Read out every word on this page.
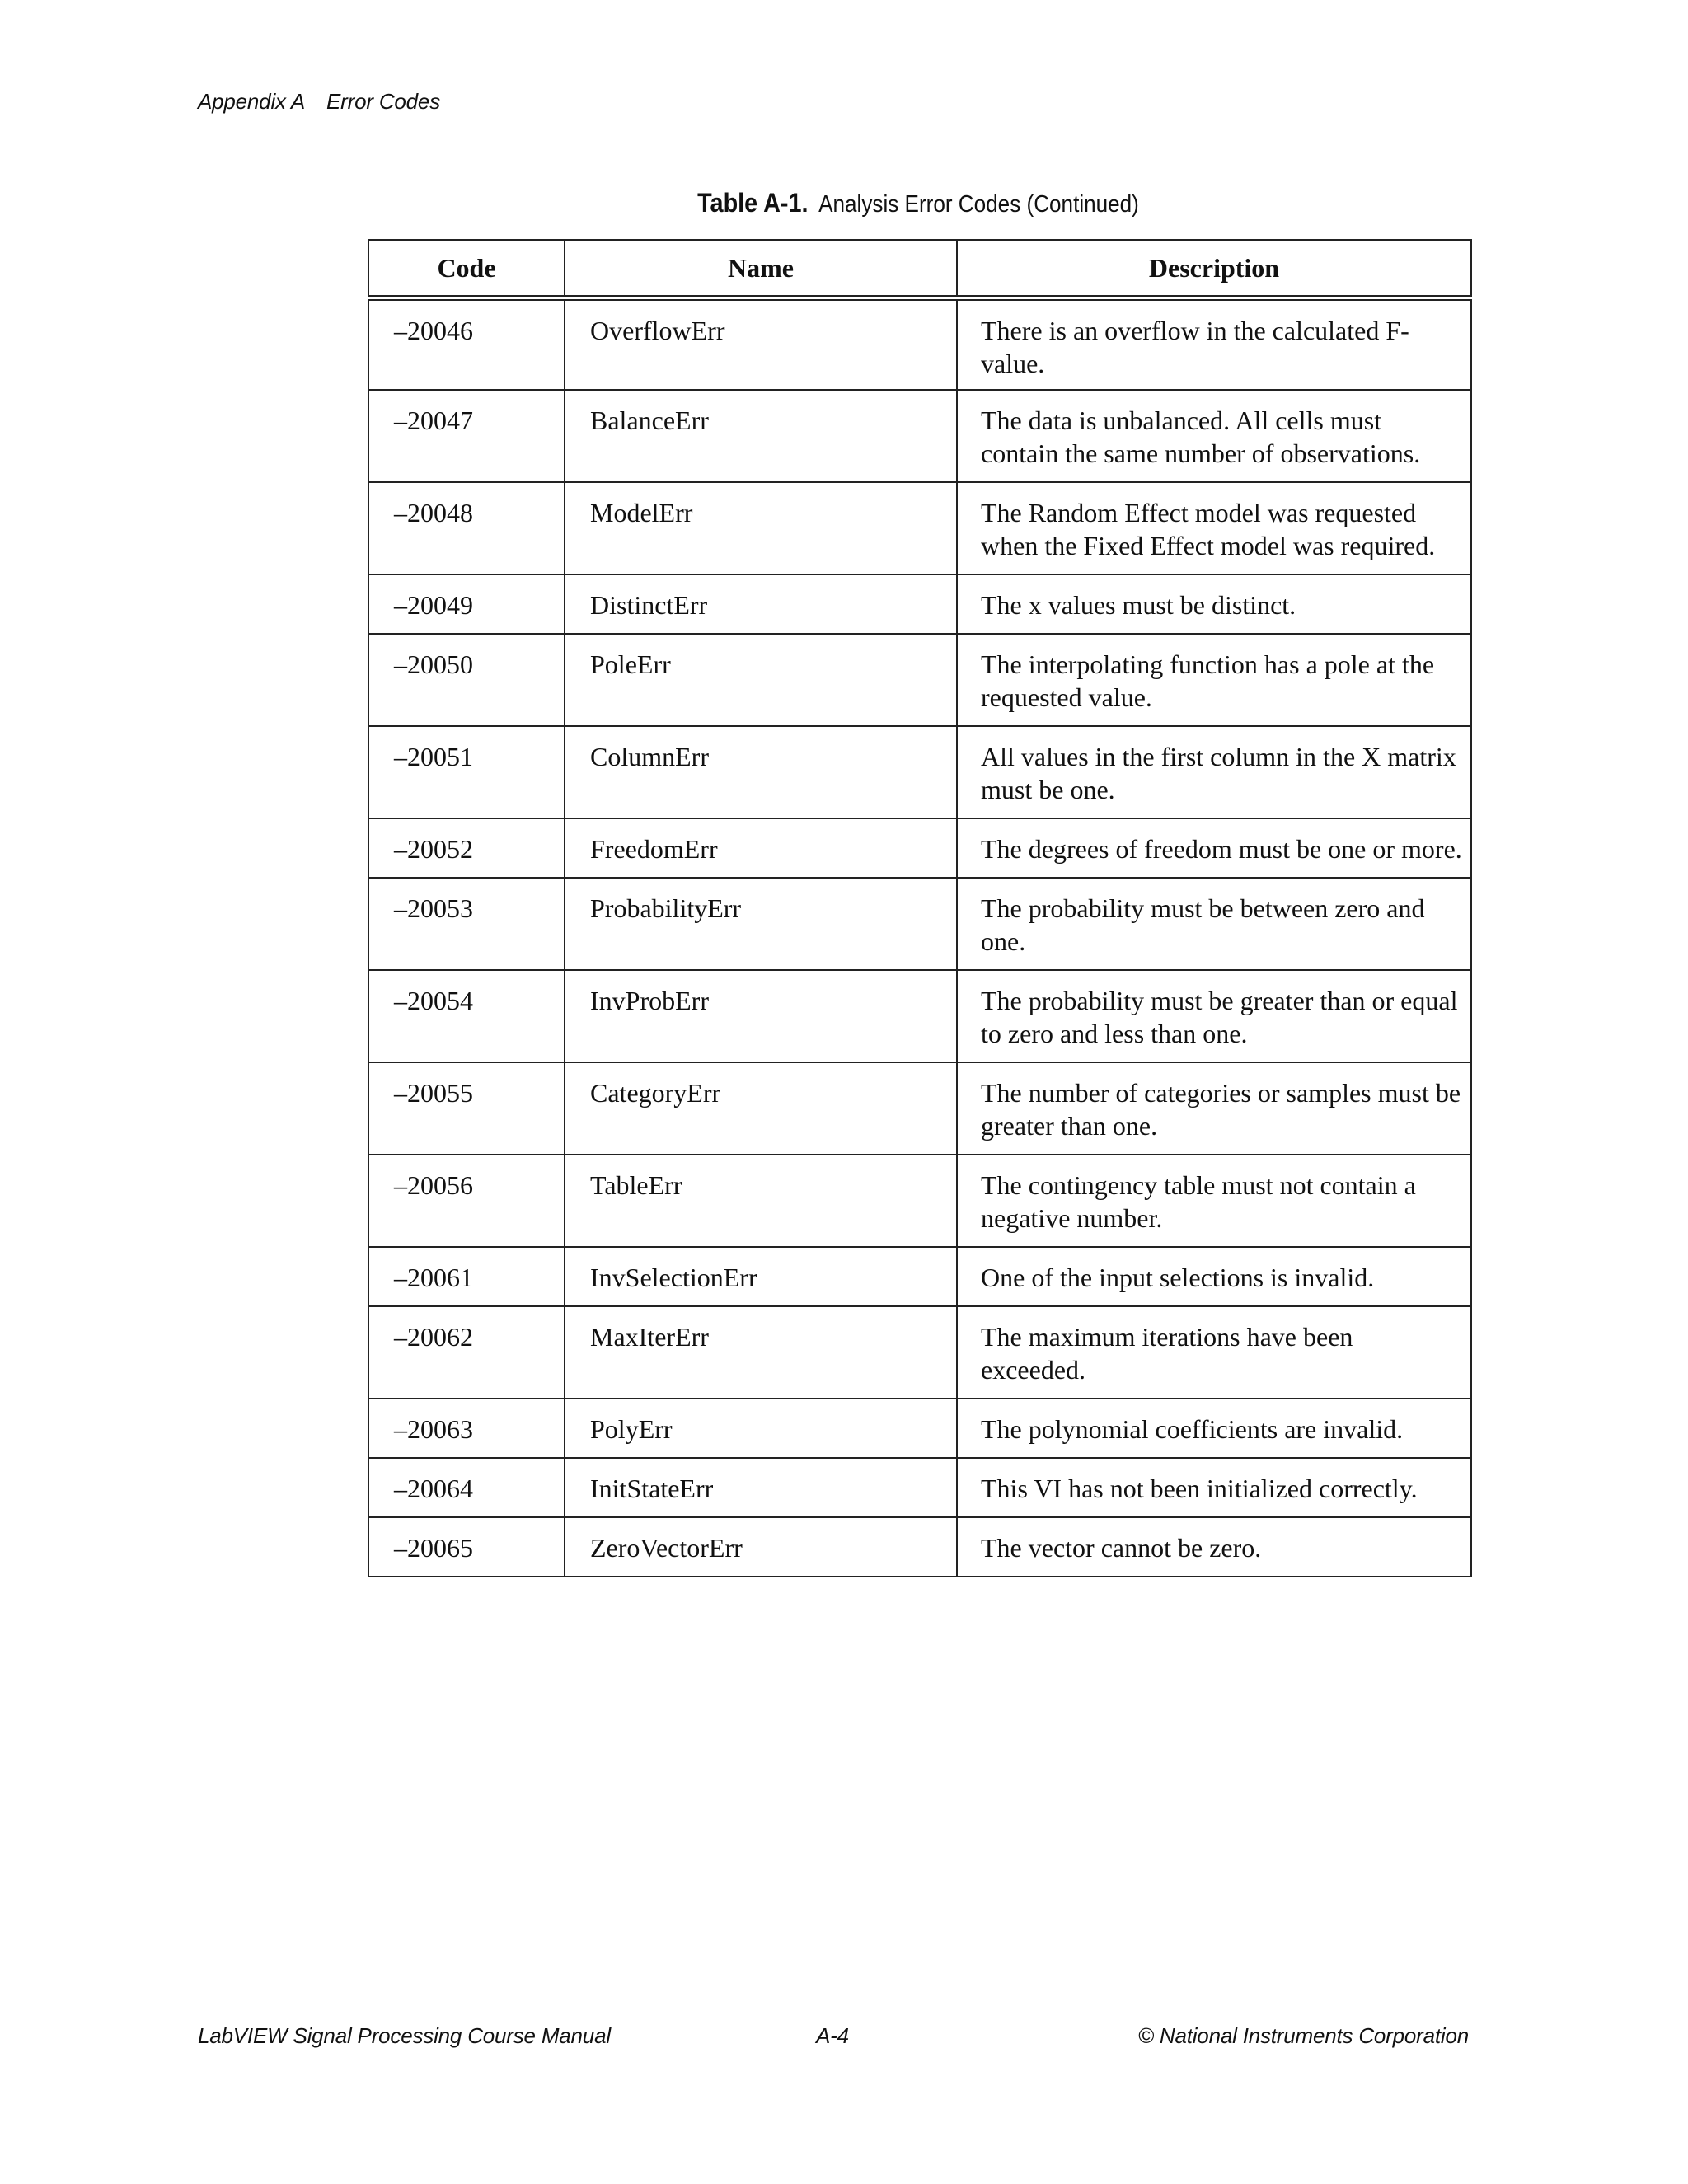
Appendix A Error Codes
Table A-1. Analysis Error Codes (Continued)
Code	Name	Description
–20046	OverflowErr	There is an overflow in the calculated F-value.
–20047	BalanceErr	The data is unbalanced. All cells must contain the same number of observations.
–20048	ModelErr	The Random Effect model was requested when the Fixed Effect model was required.
–20049	DistinctErr	The x values must be distinct.
–20050	PoleErr	The interpolating function has a pole at the requested value.
–20051	ColumnErr	All values in the first column in the X matrix must be one.
–20052	FreedomErr	The degrees of freedom must be one or more.
–20053	ProbabilityErr	The probability must be between zero and one.
–20054	InvProbErr	The probability must be greater than or equal to zero and less than one.
–20055	CategoryErr	The number of categories or samples must be greater than one.
–20056	TableErr	The contingency table must not contain a negative number.
–20061	InvSelectionErr	One of the input selections is invalid.
–20062	MaxIterErr	The maximum iterations have been exceeded.
–20063	PolyErr	The polynomial coefficients are invalid.
–20064	InitStateErr	This VI has not been initialized correctly.
–20065	ZeroVectorErr	The vector cannot be zero.
LabVIEW Signal Processing Course Manual	A-4	© National Instruments Corporation
